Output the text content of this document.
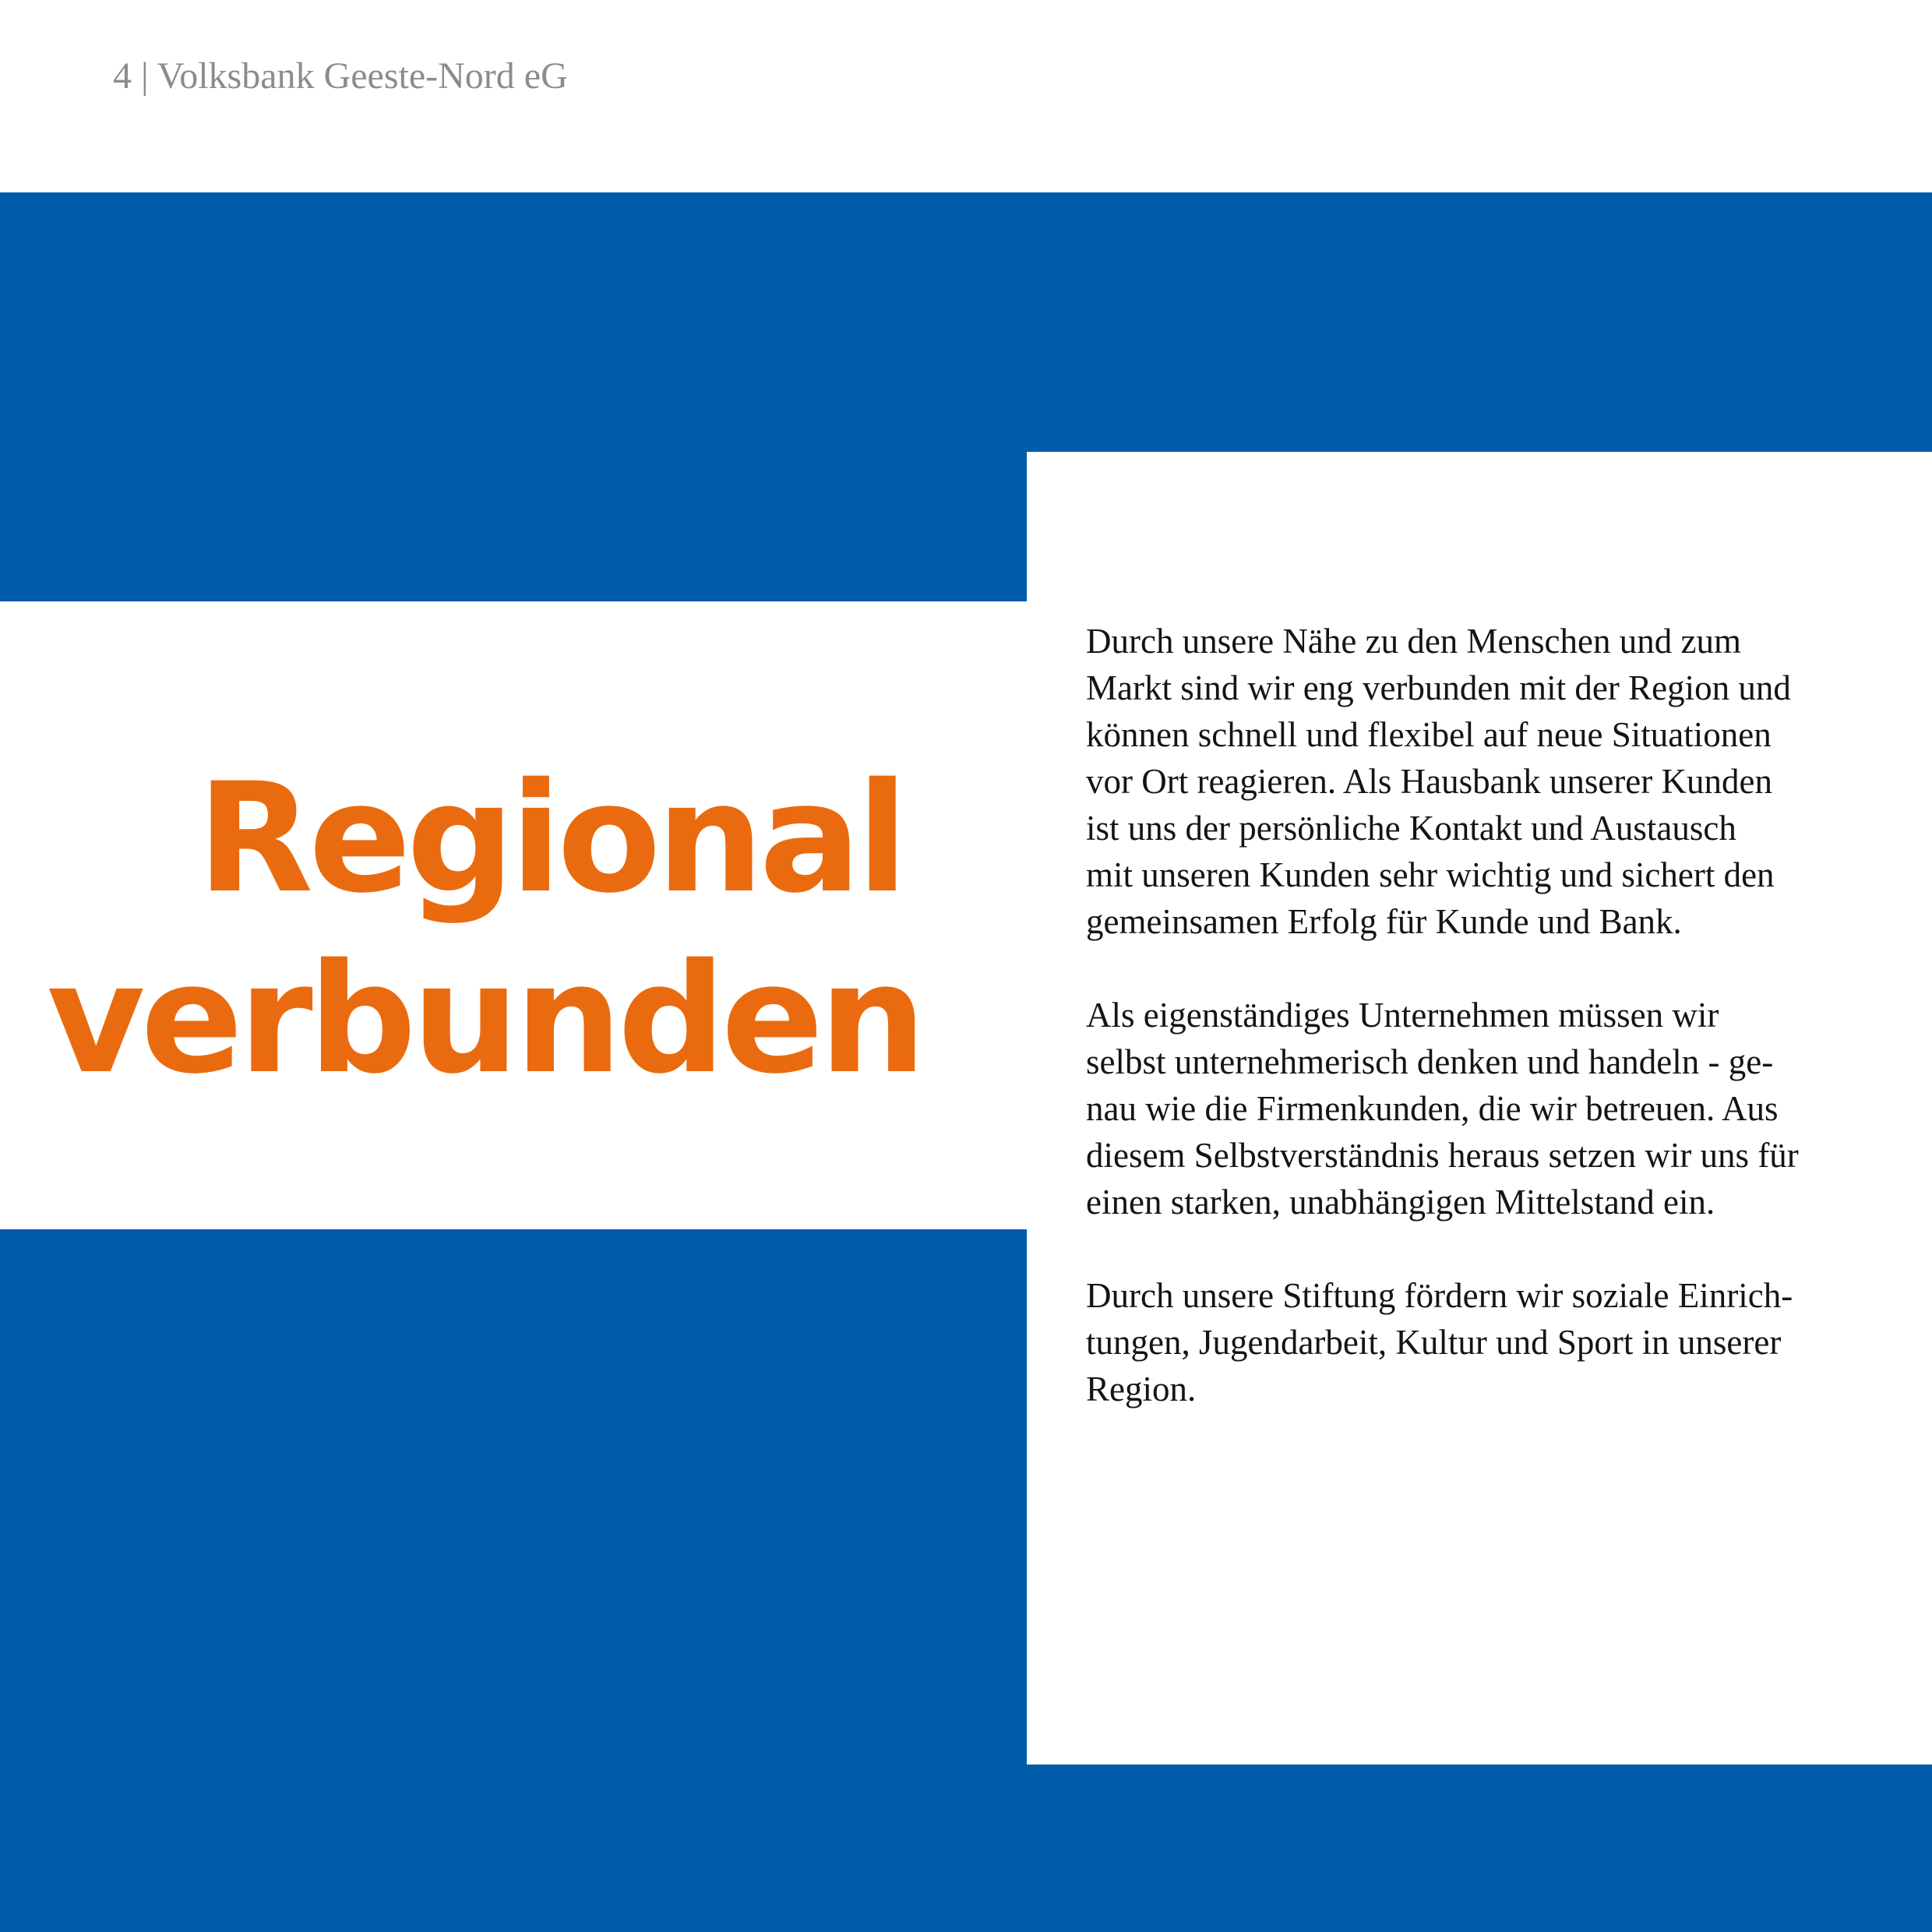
4 | Volksbank Geeste-Nord eG
Regional
verbunden
Durch unsere Nähe zu den Menschen und zum
Markt sind wir eng verbunden mit der Region und
können schnell und flexibel auf neue Situationen
vor Ort reagieren. Als Hausbank unserer Kunden
ist uns der persönliche Kontakt und Austausch
mit unseren Kunden sehr wichtig und sichert den
gemeinsamen Erfolg für Kunde und Bank.
Als eigenständiges Unternehmen müssen wir
selbst unternehmerisch denken und handeln - ge-
nau wie die Firmenkunden, die wir betreuen. Aus
diesem Selbstverständnis heraus setzen wir uns für
einen starken, unabhängigen Mittelstand ein.
Durch unsere Stiftung fördern wir soziale Einrich-
tungen, Jugendarbeit, Kultur und Sport in unserer
Region.
